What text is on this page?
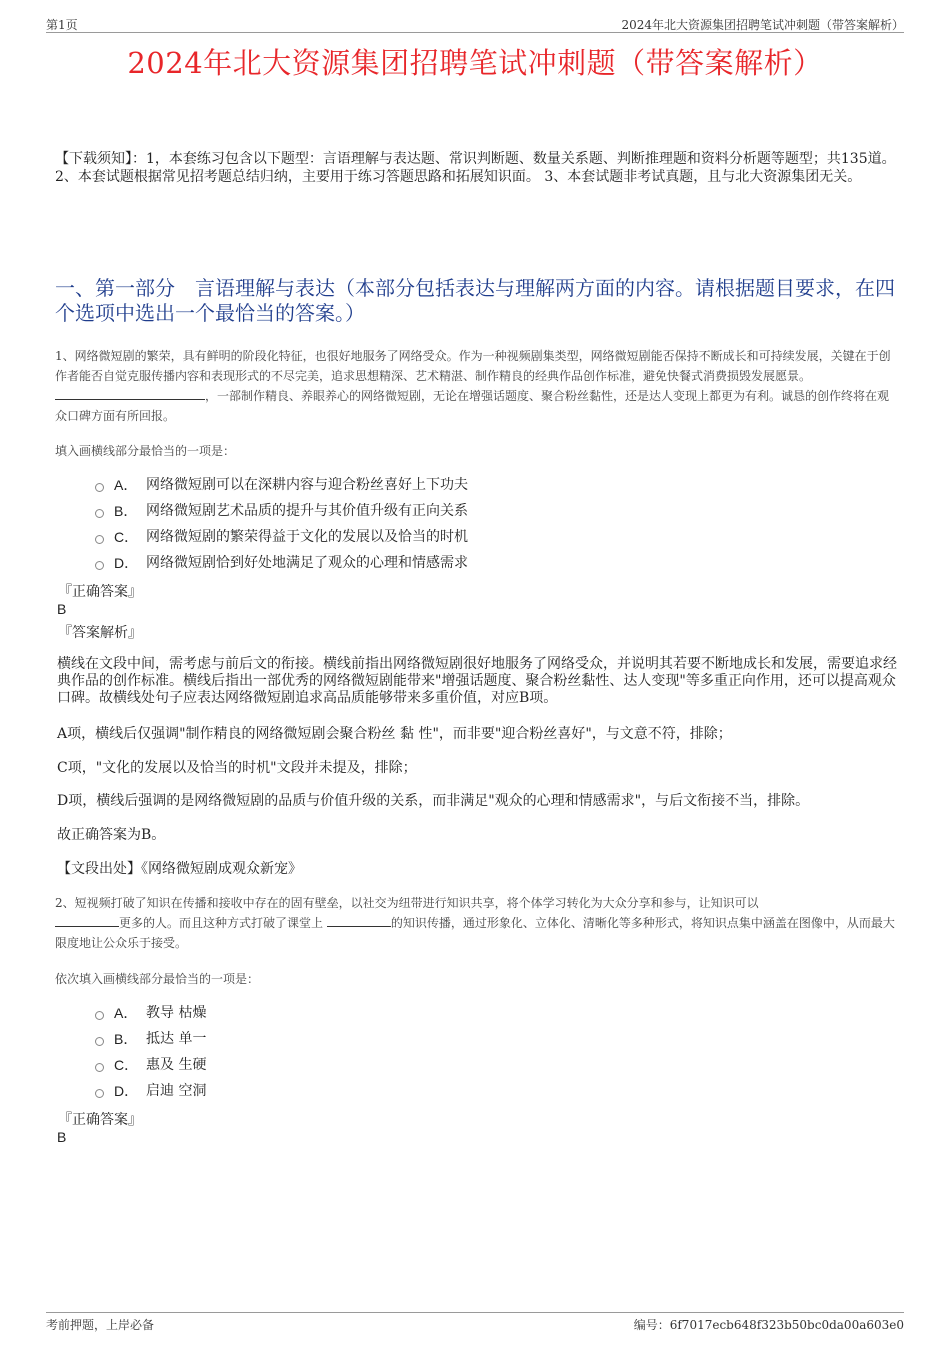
第1页	2024年北大资源集团招聘笔试冲刺题（带答案解析）
2024年北大资源集团招聘笔试冲刺题（带答案解析）
【下载须知】：1，本套练习包含以下题型：言语理解与表达题、常识判断题、数量关系题、判断推理题和资料分析题等题型；共135道。 2、本套试题根据常见招考题总结归纳，主要用于练习答题思路和拓展知识面。 3、本套试题非考试真题，且与北大资源集团无关。
一、第一部分　言语理解与表达（本部分包括表达与理解两方面的内容。请根据题目要求，在四个选项中选出一个最恰当的答案。）
1、网络微短剧的繁荣，具有鲜明的阶段化特征，也很好地服务了网络受众。作为一种视频剧集类型，网络微短剧能否保持不断成长和可持续发展，关键在于创作者能否自觉克服传播内容和表现形式的不尽完美，追求思想精深、艺术精湛、制作精良的经典作品创作标准，避免快餐式消费损毁发展愿景。 ，一部制作精良、养眼养心的网络微短剧，无论在增强话题度、聚合粉丝黏性，还是达人变现上都更为有利。诚恳的创作终将在观众口碑方面有所回报。
填入画横线部分最恰当的一项是：
A． 网络微短剧可以在深耕内容与迎合粉丝喜好上下功夫
B． 网络微短剧艺术品质的提升与其价值升级有正向关系
C． 网络微短剧的繁荣得益于文化的发展以及恰当的时机
D． 网络微短剧恰到好处地满足了观众的心理和情感需求
『正确答案』
B
『答案解析』
横线在文段中间，需考虑与前后文的衔接。横线前指出网络微短剧很好地服务了网络受众，并说明其若要不断地成长和发展，需要追求经典作品的创作标准。横线后指出一部优秀的网络微短剧能带来"增强话题度、聚合粉丝黏性、达人变现"等多重正向作用，还可以提高观众口碑。故横线处句子应表达网络微短剧追求高品质能够带来多重价值，对应B项。
A项，横线后仅强调"制作精良的网络微短剧会聚合粉丝 黏 性"，而非要"迎合粉丝喜好"，与文意不符，排除；
C项，"文化的发展以及恰当的时机"文段并未提及，排除；
D项，横线后强调的是网络微短剧的品质与价值升级的关系，而非满足"观众的心理和情感需求"，与后文衔接不当，排除。
故正确答案为B。
【文段出处】《网络微短剧成观众新宠》
2、短视频打破了知识在传播和接收中存在的固有壁垒，以社交为纽带进行知识共享，将个体学习转化为大众分享和参与，让知识可以
更多的人。而且这种方式打破了课堂上	的知识传播，通过形象化、立体化、清晰化等多种形式，将知识点集中涵盖在图像中，从而最大限度地让公众乐于接受。
依次填入画横线部分最恰当的一项是：
A． 教导 枯燥
B． 抵达 单一
C． 惠及 生硬
D． 启迪 空洞
『正确答案』
B
考前押题，上岸必备	编号：6f7017ecb648f323b50bc0da00a603e0
